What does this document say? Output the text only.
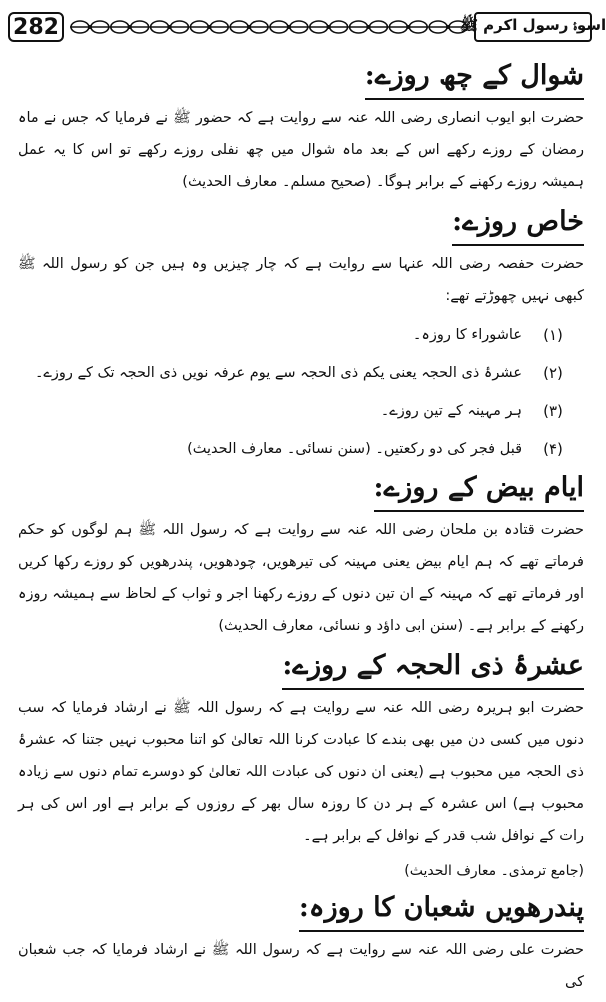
282	اسوۂ رسول اکرم ﷺ
شوال کے چھ روزے:

حضرت ابو ایوب انصاری رضی اللہ عنہ سے روایت ہے کہ حضور ﷺ نے فرمایا کہ جس نے ماہ رمضان کے روزے رکھے اس کے بعد ماہ شوال میں چھ نفلی روزے رکھے تو اس کا یہ عمل ہمیشہ روزے رکھنے کے برابر ہوگا۔ (صحیح مسلم۔ معارف الحدیث)

خاص روزے:

حضرت حفصہ رضی اللہ عنہا سے روایت ہے کہ چار چیزیں وہ ہیں جن کو رسول اللہ ﷺ کبھی نہیں چھوڑتے تھے:

(۱)
عاشوراء کا روزہ۔
(۲)
عشرۂ ذی الحجہ یعنی یکم ذی الحجہ سے یوم عرفہ نویں ذی الحجہ تک کے روزے۔
(۳)
ہر مہینہ کے تین روزے۔
(۴)
قبل فجر کی دو رکعتیں۔ (سنن نسائی۔ معارف الحدیث)
ایام بیض کے روزے:

حضرت قتادہ بن ملحان رضی اللہ عنہ سے روایت ہے کہ رسول اللہ ﷺ ہم لوگوں کو حکم فرماتے تھے کہ ہم ایام بیض یعنی مہینہ کی تیرھویں، چودھویں، پندرھویں کو روزے رکھا کریں اور فرماتے تھے کہ مہینہ کے ان تین دنوں کے روزے رکھنا اجر و ثواب کے لحاظ سے ہمیشہ روزہ رکھنے کے برابر ہے۔ (سنن ابی داؤد و نسائی، معارف الحدیث)

عشرۂ ذی الحجہ کے روزے:

حضرت ابو ہریرہ رضی اللہ عنہ سے روایت ہے کہ رسول اللہ ﷺ نے ارشاد فرمایا کہ سب دنوں میں کسی دن میں بھی بندے کا عبادت کرنا اللہ تعالیٰ کو اتنا محبوب نہیں جتنا کہ عشرۂ ذی الحجہ میں محبوب ہے (یعنی ان دنوں کی عبادت اللہ تعالیٰ کو دوسرے تمام دنوں سے زیادہ محبوب ہے) اس عشرہ کے ہر دن کا روزہ سال بھر کے روزوں کے برابر ہے اور اس کی ہر رات کے نوافل شب قدر کے نوافل کے برابر ہے۔

(جامع ترمذی۔ معارف الحدیث)

پندرھویں شعبان کا روزہ:

حضرت علی رضی اللہ عنہ سے روایت ہے کہ رسول اللہ ﷺ نے ارشاد فرمایا کہ جب شعبان کی
